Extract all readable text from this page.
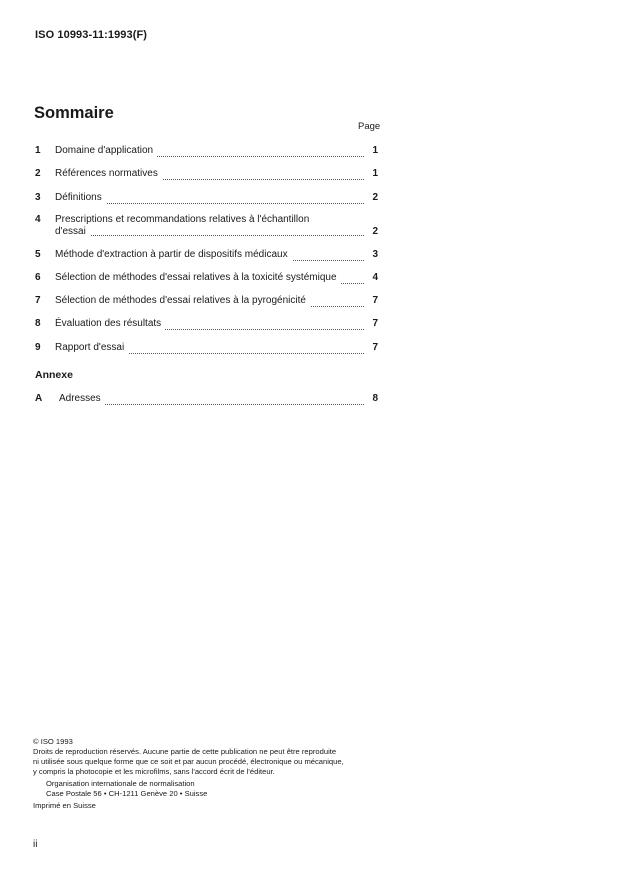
ISO 10993-11:1993(F)
Sommaire
Page
1 Domaine d'application	1
2 Références normatives	1
3 Définitions	2
4 Prescriptions et recommandations relatives à l'échantillon
d'essai	2
5 Méthode d'extraction à partir de dispositifs médicaux	3
6 Sélection de méthodes d'essai relatives à la toxicité systémique	4
7 Sélection de méthodes d'essai relatives à la pyrogénicité	7
8 Évaluation des résultats	7
9 Rapport d'essai	7
Annexe
A Adresses	8
© ISO 1993
Droits de reproduction réservés. Aucune partie de cette publication ne peut être reproduite
ni utilisée sous quelque forme que ce soit et par aucun procédé, électronique ou mécanique,
y compris la photocopie et les microfilms, sans l'accord écrit de l'éditeur.
Organisation internationale de normalisation
Case Postale 56 • CH-1211 Genève 20 • Suisse
Imprimé en Suisse
ii
